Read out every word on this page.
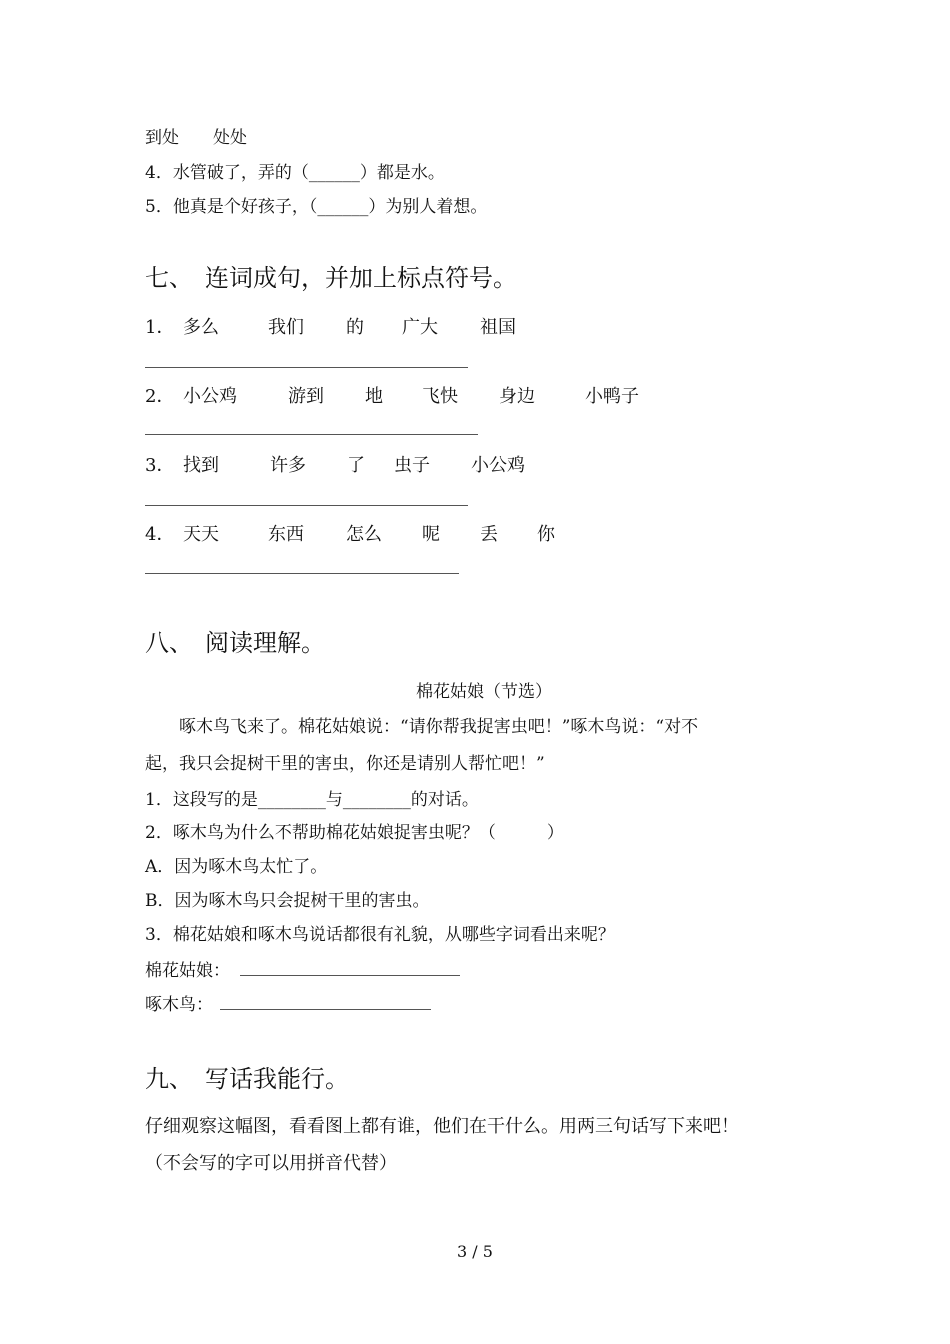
到处　　处处
4．水管破了，弄的（______）都是水。
5．他真是个好孩子，（______）为别人着想。
七、　连词成句，并加上标点符号。
1． 多么	我们 的 广大 祖国
2． 小公鸡	游到 地 飞快 身边	小鸭子
3． 找到	许多 了 虫子 小公鸡
4． 天天	东西 怎么 呢 丢 你
八、　阅读理解。
棉花姑娘（节选）
啄木鸟飞来了。棉花姑娘说：“请你帮我捉害虫吧！”啄木鸟说：“对不
起，我只会捉树干里的害虫，你还是请别人帮忙吧！”
1．这段写的是________与________的对话。
2．啄木鸟为什么不帮助棉花姑娘捉害虫呢？（　　　）
A．因为啄木鸟太忙了。
B．因为啄木鸟只会捉树干里的害虫。
3．棉花姑娘和啄木鸟说话都很有礼貌，从哪些字词看出来呢？
棉花姑娘：
啄木鸟：
九、　写话我能行。
仔细观察这幅图，看看图上都有谁，他们在干什么。用两三句话写下来吧！
（不会写的字可以用拼音代替）
3 / 5
